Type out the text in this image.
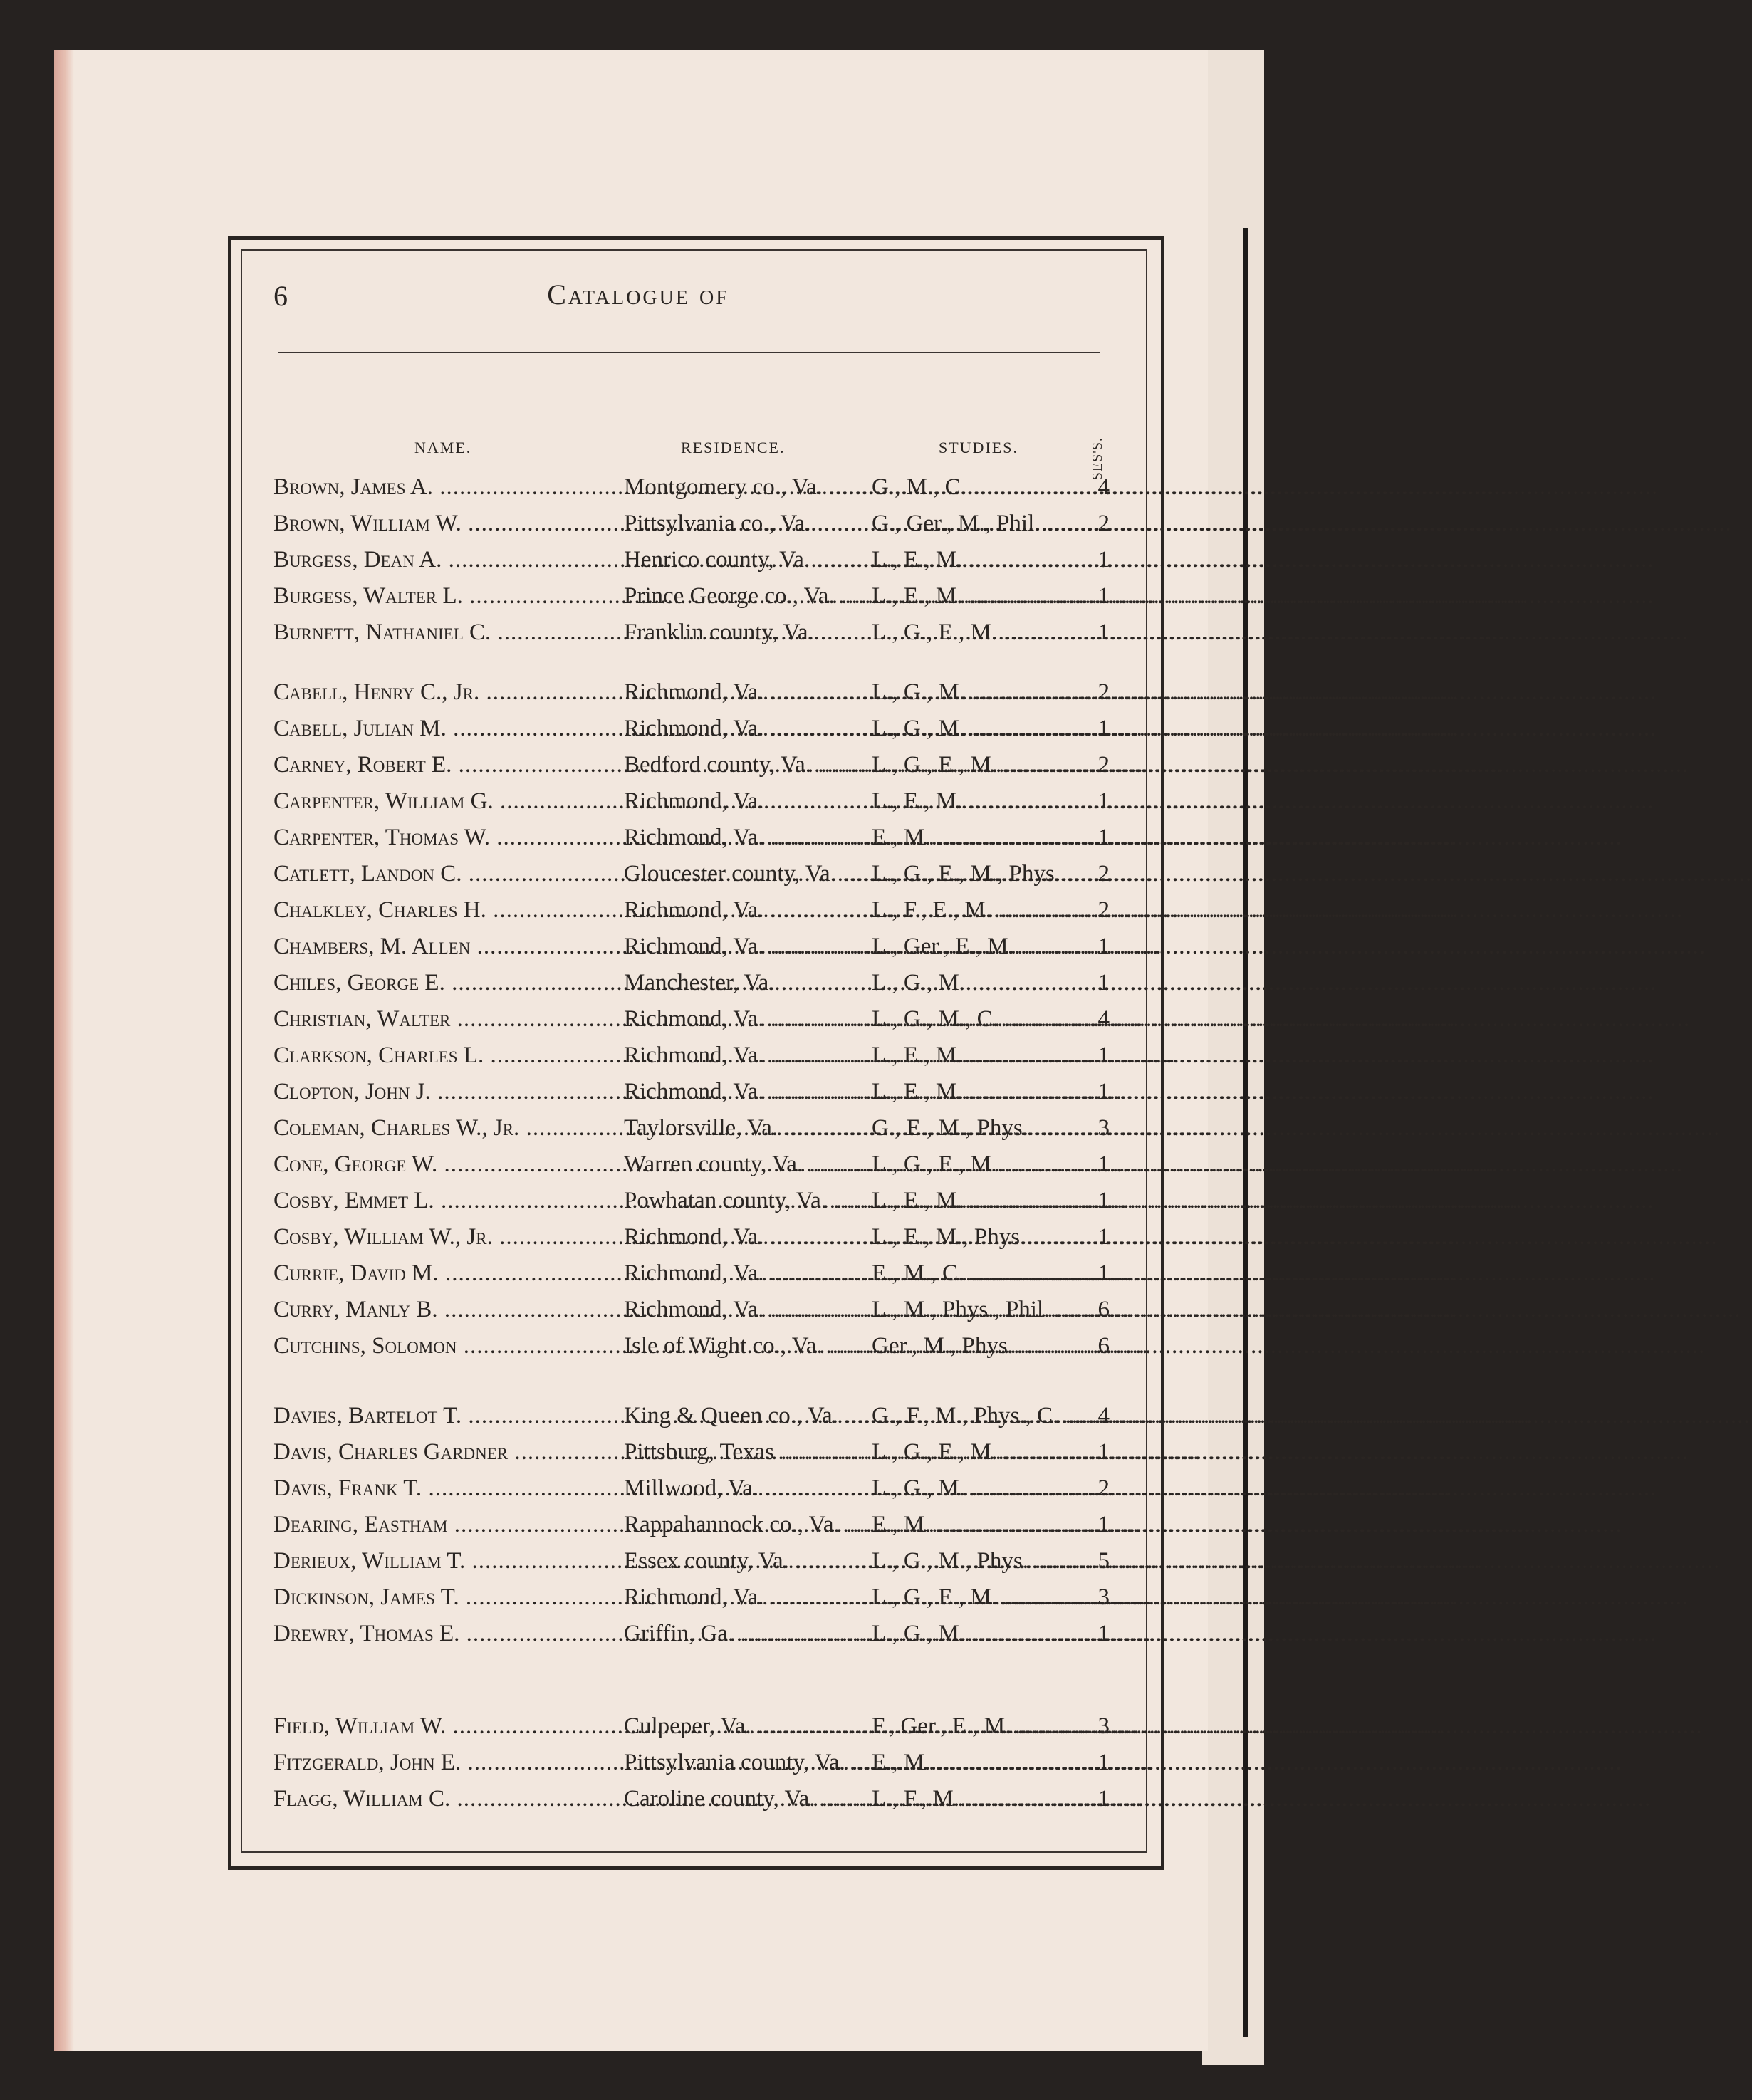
6	Catalogue of
NAME.	RESIDENCE.	STUDIES.	SES'S.
Brown, James A. .....	Montgomery co., Va. .....	G., M., C. .....	4
Brown, William W. .....	Pittsylvania co., Va. .....	G., Ger., M., Phil. .....	2
Burgess, Dean A. .....	Henrico county, Va. .....	L., E., M. .....	1
Burgess, Walter L. .....	Prince George co., Va. .....	L., E., M. .....	1
Burnett, Nathaniel C. .....	Franklin county, Va. .....	L., G., E., M. .....	1
Cabell, Henry C., Jr. .....	Richmond, Va. .....	L., G., M. .....	2
Cabell, Julian M. .....	Richmond, Va. .....	L., G., M. .....	1
Carney, Robert E. .....	Bedford county, Va. .....	L., G., E., M. .....	2
Carpenter, William G. .....	Richmond, Va. .....	L., E., M. .....	1
Carpenter, Thomas W. .....	Richmond, Va. .....	E., M. .....	1
Catlett, Landon C. .....	Gloucester county, Va. .....	L., G., E., M., Phys. .....	2
Chalkley, Charles H. .....	Richmond, Va. .....	L., F., E., M. .....	2
Chambers, M. Allen .....	Richmond, Va. .....	L., Ger., E., M. .....	1
Chiles, George E. .....	Manchester, Va. .....	L., G., M. .....	1
Christian, Walter .....	Richmond, Va. .....	L., G., M., C. .....	4
Clarkson, Charles L. .....	Richmond, Va. .....	L., E., M. .....	1
Clopton, John J. .....	Richmond, Va. .....	L., E., M. .....	1
Coleman, Charles W., Jr. .....	Taylorsville, Va. .....	G., E., M., Phys. .....	3
Cone, George W. .....	Warren county, Va. .....	L., G., E., M .....	1
Cosby, Emmet L. .....	Powhatan county, Va. .....	L., E., M. .....	1
Cosby, William W., Jr. .....	Richmond, Va. .....	L., E., M., Phys. .....	1
Currie, David M. .....	Richmond, Va. .....	E., M., C. .....	1
Curry, Manly B. .....	Richmond, Va. .....	L., M., Phys., Phil. .....	6
Cutchins, Solomon .....	Isle of Wight co., Va. .....	Ger., M., Phys. .....	6
Davies, Bartelot T. .....	King & Queen co., Va. .....	G., F., M., Phys., C. .....	4
Davis, Charles Gardner .....	Pittsburg, Texas .....	L., G., E., M. .....	1
Davis, Frank T. .....	Millwood, Va. .....	L., G., M. .....	2
Dearing, Eastham .....	Rappahannock co., Va. .....	E., M. .....	1
Derieux, William T. .....	Essex county, Va. .....	L., G., M., Phys. .....	5
Dickinson, James T. .....	Richmond, Va. .....	L., G., E., M. .....	3
Drewry, Thomas E. .....	Griffin, Ga. .....	L., G., M. .....	1
Field, William W. .....	Culpeper, Va. .....	F., Ger., E., M. .....	3
Fitzgerald, John E. .....	Pittsylvania county, Va. .....	E., M. .....	1
Flagg, William C. .....	Caroline county, Va. .....	L., F., M. .....	1
